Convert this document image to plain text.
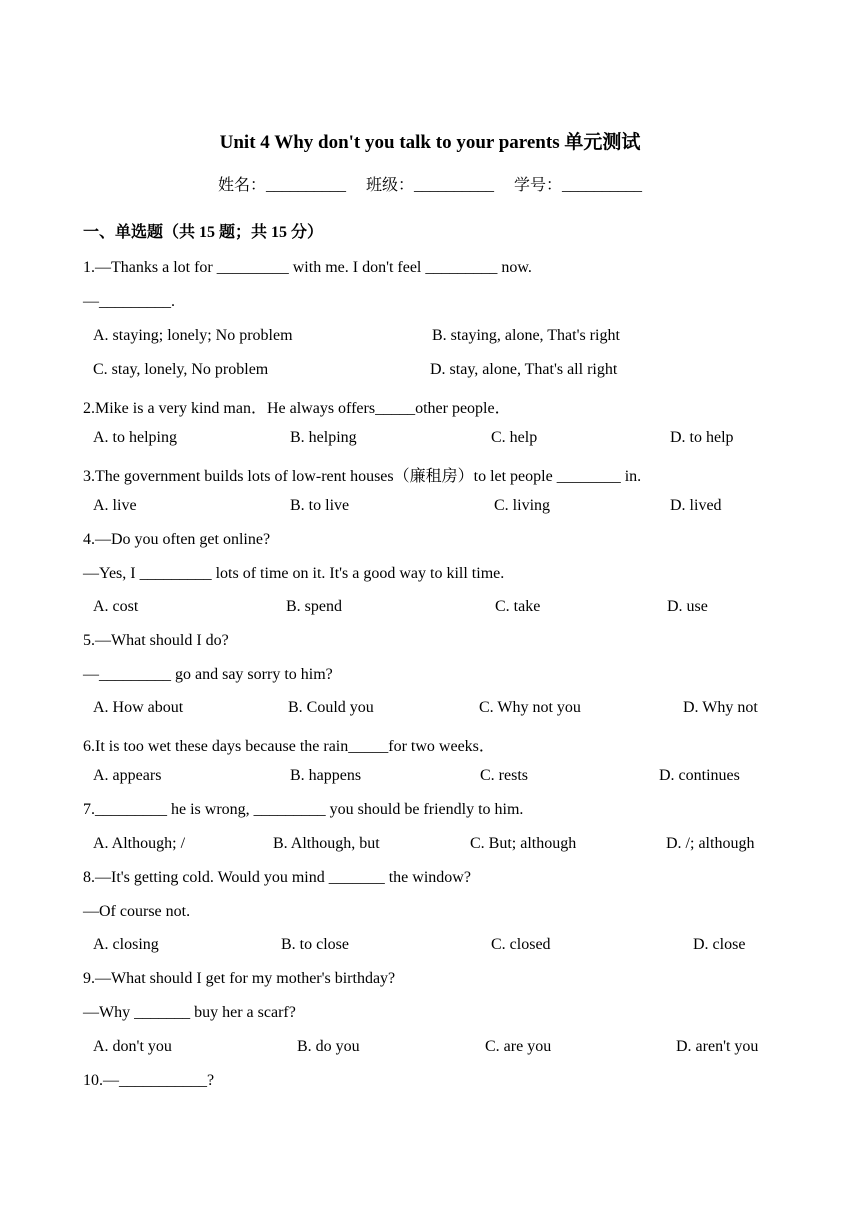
Unit 4 Why don't you talk to your parents 单元测试
姓名：__________ 班级：__________ 学号：__________
一、单选题（共 15 题；共 15 分）
1.—Thanks a lot for _________ with me. I don't feel _________ now.
—_________.
A. staying; lonely; No problem	B. staying, alone, That's right
C. stay, lonely, No problem	D. stay, alone, That's all right
2.Mike is a very kind man．He always offers_____other people．
A. to helping	B. helping	C. help	D. to help
3.The government builds lots of low-rent houses（廉租房）to let people ________ in.
A. live	B. to live	C. living	D. lived
4.—Do you often get online?
—Yes, I _________ lots of time on it. It's a good way to kill time.
A. cost	B. spend	C. take	D. use
5.—What should I do?
—_________ go and say sorry to him?
A. How about	B. Could you	C. Why not you	D. Why not
6.It is too wet these days because the rain_____for two weeks．
A. appears	B. happens	C. rests	D. continues
7._________ he is wrong, _________ you should be friendly to him.
A. Although; /	B. Although, but	C. But; although	D. /; although
8.—It's getting cold. Would you mind _______ the window?
—Of course not.
A. closing	B. to close	C. closed	D. close
9.—What should I get for my mother's birthday?
—Why _______ buy her a scarf?
A. don't you	B. do you	C. are you	D. aren't you
10.—___________?
